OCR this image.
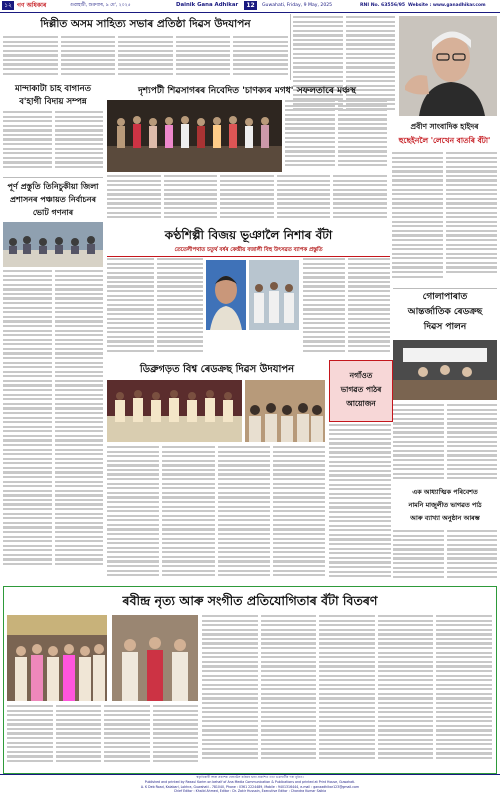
১২ গণ অধিকাৰ	গুৱাহাটী, শুক্ৰবাৰ, ৯ মে', ২০২৫	Dainik Gana Adhikar	12	Guwahati, Friday, 9 May, 2025	RNI No. 63556/95 Website : www.ganadhikar.com
দিল্লীত অসম সাহিত্য সভাৰ প্ৰতিষ্ঠা দিৱস উদযাপন
মান্দাকাটা চাহ বাগানত ব'হাগী বিদায় সম্পন্ন
পূৰ্ণ প্ৰস্তুতি তিনিচুকীয়া জিলা প্ৰশাসনৰ পঞ্চায়ত নিৰ্বাচনৰ ভোট গণনাৰ
দৃশ্যপটী শিৱসাগৰৰ নিবেদিত 'চাণক্যৰ মগধ' সফলতাৰে মঞ্চস্থ
প্ৰবীণ সাংবাদিক হাইদৰ
হুছেইনলৈ 'লেখেন বাতৰি বঁটা'
কণ্ঠশিল্পী বিজয় ভূঞালৈ নিশাৰ বঁটা
তেতেলীপথাত চতুৰ্থ বৰ্ষৰ কেন্দ্ৰীয় বজালী বিহু উৎসৱত ব্যাপক প্ৰস্তুতি
গোলাপাৰাত
আন্তৰ্জাতিক ৰেডক্ৰছ
দিৱস পালন
ডিব্ৰুগড়ত বিশ্ব ৰেডক্ৰছ দিৱস উদযাপন
নগাঁওত
ভাগৱত পাঠৰ
আয়োজন
এক আধ্যাত্মিক পৰিবেশত
নামনি মাজুলীত ভাগৱত পাঠ
আৰু ব্যাখ্যা অনুষ্ঠান আৰম্ভ
ৰবীন্দ্ৰ নৃত্য আৰু সংগীত প্ৰতিযোগিতাৰ বঁটা বিতৰণ
স্বত্বাধিকাৰী আৰু প্ৰকাশক ৰেজাউল কৰিমৰ দ্বাৰা প্ৰকাশিত তথা গুৱাহাটীৰ পৰা মুদ্ৰিত।
Published and printed by Rezaul Karim on behalf of Ana Media Communication & Publications and printed at Print House, Guwahati.
A. K Deb Road, Kalabari, Lokhra, Guwahati - 781040, Phone : 0361 2224489, Mobile : 9401316444, e-mail : ganaadhikar123@gmail.com
Chief Editor : Khalid Ahmed, Editor : Dr. Zakir Hussain, Executive Editor : Chandra Kumar Saikia
